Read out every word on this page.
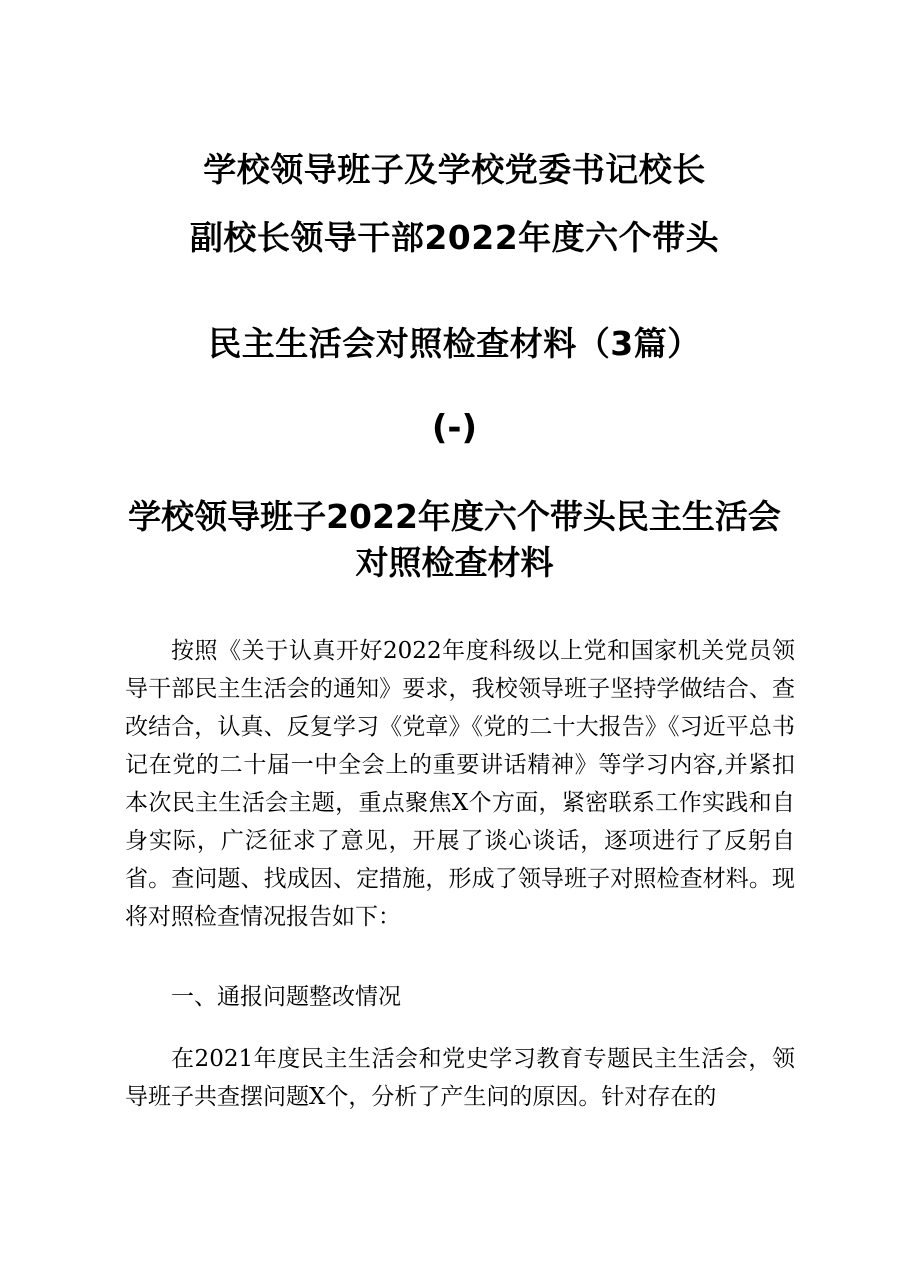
学校领导班子及学校党委书记校长
副校长领导干部2022年度六个带头
民主生活会对照检查材料（3篇）
(-)
学校领导班子2022年度六个带头民主生活会
对照检查材料

按照《关于认真开好2022年度科级以上党和国家机关党员领导干部民主生活会的通知》要求，我校领导班子坚持学做结合、查改结合，认真、反复学习《党章》《党的二十大报告》《习近平总书记在党的二十届一中全会上的重要讲话精神》等学习内容,并紧扣本次民主生活会主题，重点聚焦X个方面，紧密联系工作实践和自身实际，广泛征求了意见，开展了谈心谈话，逐项进行了反躬自省。查问题、找成因、定措施，形成了领导班子对照检查材料。现将对照检查情况报告如下：

一、通报问题整改情况

在2021年度民主生活会和党史学习教育专题民主生活会，领导班子共查摆问题X个，分析了产生问的原因。针对存在的
